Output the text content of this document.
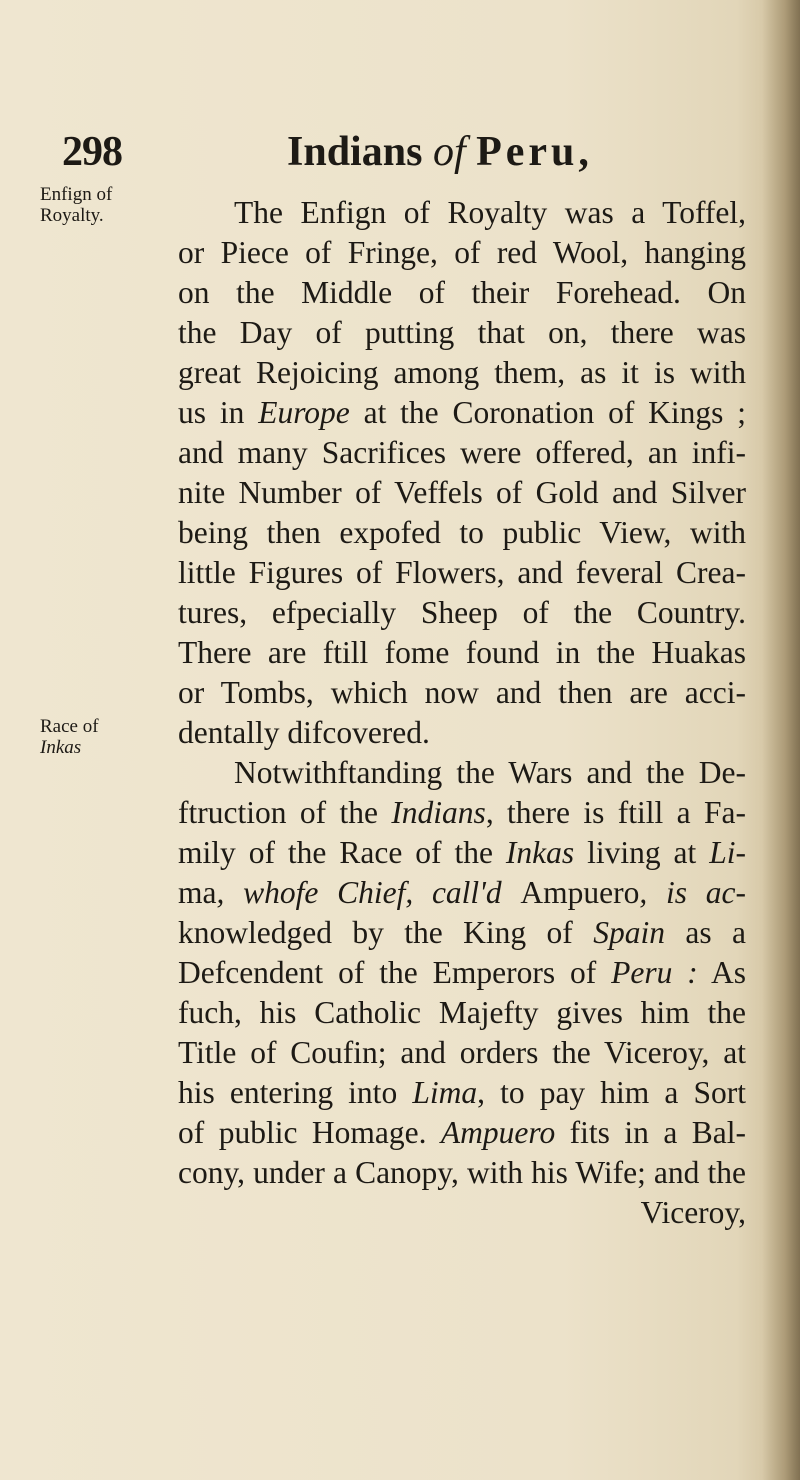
298	Indians of Peru,
Enfign of
Royalty.
Race of
Inkas
The Enfign of Royalty was a Toffel,
or Piece of Fringe, of red Wool, hanging
on the Middle of their Forehead. On
the Day of putting that on, there was
great Rejoicing among them, as it is with
us in Europe at the Coronation of Kings ;
and many Sacrifices were offered, an infi-
nite Number of Veffels of Gold and Silver
being then expofed to public View, with
little Figures of Flowers, and feveral Crea-
tures, efpecially Sheep of the Country.
There are ftill fome found in the Huakas
or Tombs, which now and then are acci-
dentally difcovered.
Notwithftanding the Wars and the De-
ftruction of the Indians, there is ftill a Fa-
mily of the Race of the Inkas living at Li-
ma, whofe Chief, call'd Ampuero, is ac-
knowledged by the King of Spain as a
Defcendent of the Emperors of Peru : As
fuch, his Catholic Majefty gives him the
Title of Coufin; and orders the Viceroy, at
his entering into Lima, to pay him a Sort
of public Homage. Ampuero fits in a Bal-
cony, under a Canopy, with his Wife; and the
Viceroy,
